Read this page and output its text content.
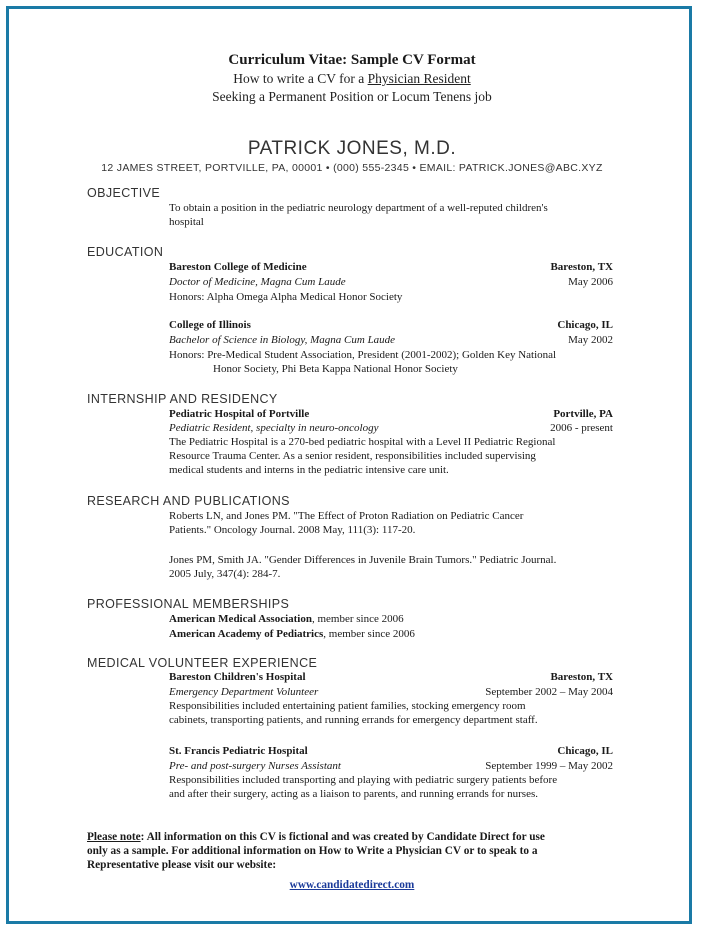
Curriculum Vitae: Sample CV Format
How to write a CV for a Physician Resident
Seeking a Permanent Position or Locum Tenens job
PATRICK JONES, M.D.
12 JAMES STREET, PORTVILLE, PA, 00001 • (000) 555-2345 • EMAIL: PATRICK.JONES@ABC.XYZ
OBJECTIVE
To obtain a position in the pediatric neurology department of a well-reputed children's
hospital
EDUCATION
Bareston College of Medicine	Bareston, TX
Doctor of Medicine, Magna Cum Laude	May 2006
Honors: Alpha Omega Alpha Medical Honor Society
College of Illinois	Chicago, IL
Bachelor of Science in Biology, Magna Cum Laude	May 2002
Honors: Pre-Medical Student Association, President (2001-2002); Golden Key National
Honor Society, Phi Beta Kappa National Honor Society
INTERNSHIP AND RESIDENCY
Pediatric Hospital of Portville	Portville, PA
Pediatric Resident, specialty in neuro-oncology	2006 - present
The Pediatric Hospital is a 270-bed pediatric hospital with a Level II Pediatric Regional
Resource Trauma Center. As a senior resident, responsibilities included supervising
medical students and interns in the pediatric intensive care unit.
RESEARCH AND PUBLICATIONS
Roberts LN, and Jones PM. "The Effect of Proton Radiation on Pediatric Cancer
Patients." Oncology Journal. 2008 May, 111(3): 117-20.
Jones PM, Smith JA. "Gender Differences in Juvenile Brain Tumors." Pediatric Journal.
2005 July, 347(4): 284-7.
PROFESSIONAL MEMBERSHIPS
American Medical Association, member since 2006
American Academy of Pediatrics, member since 2006
MEDICAL VOLUNTEER EXPERIENCE
Bareston Children's Hospital	Bareston, TX
Emergency Department Volunteer	September 2002 – May 2004
Responsibilities included entertaining patient families, stocking emergency room
cabinets, transporting patients, and running errands for emergency department staff.
St. Francis Pediatric Hospital	Chicago, IL
Pre- and post-surgery Nurses Assistant	September 1999 – May 2002
Responsibilities included transporting and playing with pediatric surgery patients before
and after their surgery, acting as a liaison to parents, and running errands for nurses.
Please note: All information on this CV is fictional and was created by Candidate Direct for use
only as a sample. For additional information on How to Write a Physician CV or to speak to a
Representative please visit our website:
www.candidatedirect.com
